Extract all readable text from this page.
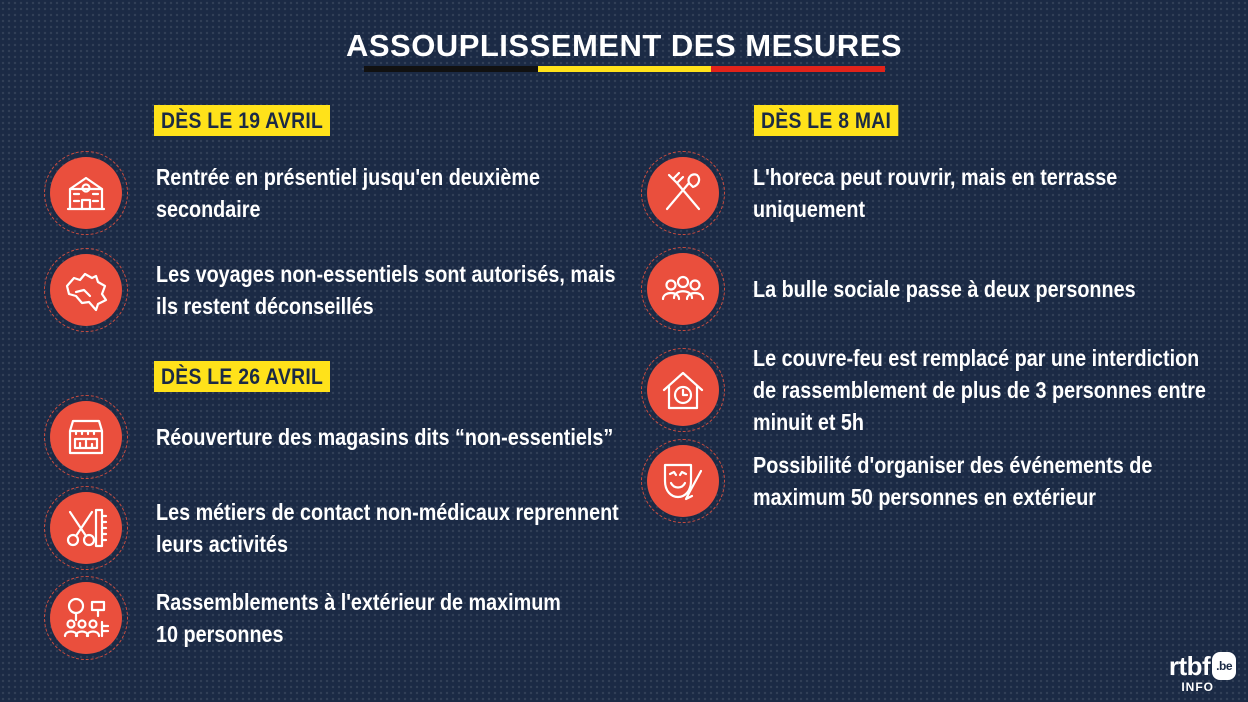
ASSOUPLISSEMENT DES MESURES
DÈS LE 19 AVRIL
Rentrée en présentiel jusqu'en deuxième
secondaire
Les voyages non-essentiels sont autorisés, mais
ils restent déconseillés
DÈS LE 26 AVRIL
Réouverture des magasins dits “non-essentiels”
Les métiers de contact non-médicaux reprennent
leurs activités
Rassemblements à l'extérieur de maximum
10 personnes
DÈS LE 8 MAI
L'horeca peut rouvrir, mais en terrasse
uniquement
La bulle sociale passe à deux personnes
Le couvre-feu est remplacé par une interdiction
de rassemblement de plus de 3 personnes entre
minuit et 5h
Possibilité d'organiser des événements de
maximum 50 personnes en extérieur
rtbf .be
INFO
